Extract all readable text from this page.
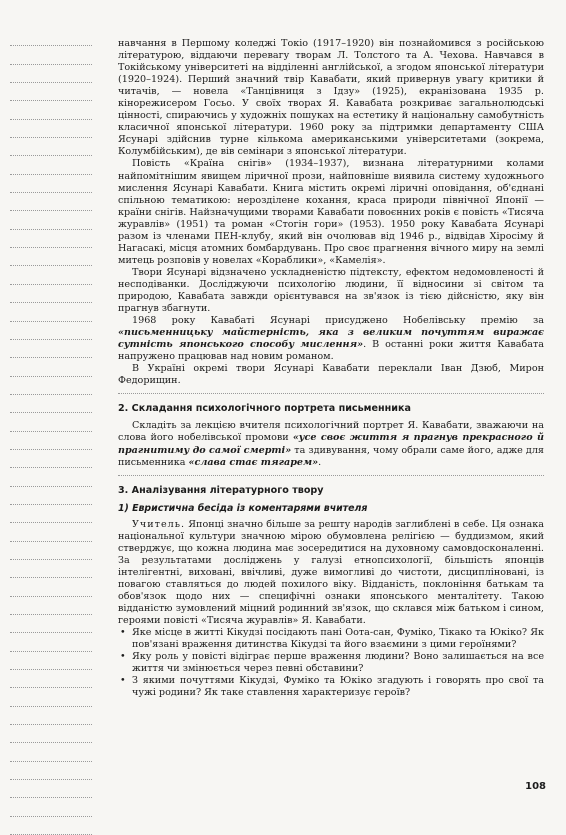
навчання в Першому коледжі Токіо (1917–1920) він познайомився з російською літературою, віддаючи перевагу творам Л. Толстого та А. Чехова. Навчався в Токійському університеті на відділенні англійської, а згодом японської літератури (1920–1924). Перший значний твір Кавабати, який привернув увагу критики й читачів, — новела «Танцівниця з Ідзу» (1925), екранізована 1935 р. кінорежисером Госьо. У своїх творах Я. Кавабата розкриває загальнолюдські цінності, спираючись у художніх пошуках на естетику й національну самобутність класичної японської літератури. 1960 року за підтримки департаменту США Ясунарі здійснив турне кількома американськими університетами (зокрема, Колумбійським), де вів семінари з японської літератури.

Повість «Країна снігів» (1934–1937), визнана літературними колами найпомітнішим явищем ліричної прози, найповніше виявила систему художнього мислення Ясунарі Кавабати. Книга містить окремі ліричні оповідання, об'єднані спільною тематикою: нерозділене кохання, краса природи північної Японії — країни снігів. Найзначущими творами Кавабати повоєнних років є повість «Тисяча журавлів» (1951) та роман «Стогін гори» (1953). 1950 року Кавабата Ясунарі разом із членами ПЕН-клубу, який він очолював від 1946 р., відвідав Хіросіму й Нагасакі, місця атомних бомбардувань. Про своє прагнення вічного миру на землі митець розповів у новелах «Кораблики», «Камелія».

Твори Ясунарі відзначено ускладненістю підтексту, ефектом недомовленості й несподіванки. Досліджуючи психологію людини, її відносини зі світом та природою, Кавабата завжди орієнтувався на зв'язок із тією дійсністю, яку він прагнув збагнути.

1968 року Кавабаті Ясунарі присуджено Нобелівську премію за «письменницьку майстерність, яка з великим почуттям виражає сутність японського способу мислення». В останні роки життя Кавабата напружено працював над новим романом.

В Україні окремі твори Ясунарі Кавабати переклали Іван Дзюб, Мирон Федорищин.

2. Складання психологічного портрета письменника

Складіть за лекцією вчителя психологічний портрет Я. Кавабати, зважаючи на слова його нобелівської промови «усе своє життя я прагнув прекрасного й прагнитиму до самої смерті» та здивування, чому обрали саме його, адже для письменника «слава стає тягарем».

3. Аналізування літературного твору

1) Евристична бесіда із коментарями вчителя

Учитель. Японці значно більше за решту народів заглиблені в себе. Ця ознака національної культури значною мірою обумовлена релігією — буддизмом, який стверджує, що кожна людина має зосередитися на духовному самовдосконаленні. За результатами досліджень у галузі етнопсихології, більшість японців інтелігентні, виховані, ввічливі, дуже вимогливі до чистоти, дисципліновані, із повагою ставляться до людей похилого віку. Відданість, поклоніння батькам та обов'язок щодо них — специфічні ознаки японського менталітету. Такою відданістю зумовлений міцний родинний зв'язок, що склався між батьком і сином, героями повісті «Тисяча журавлів» Я. Кавабати.

• Яке місце в житті Кікудзі посідають пані Оота-сан, Фуміко, Тікако та Юкіко? Як пов'язані враження дитинства Кікудзі та його взаємини з цими героїнями?
• Яку роль у повісті відіграє перше враження людини? Воно залишається на все життя чи змінюється через певні обставини?
• З якими почуттями Кікудзі, Фуміко та Юкіко згадують і говорять про свої та чужі родини? Як таке ставлення характеризує героїв?
108
